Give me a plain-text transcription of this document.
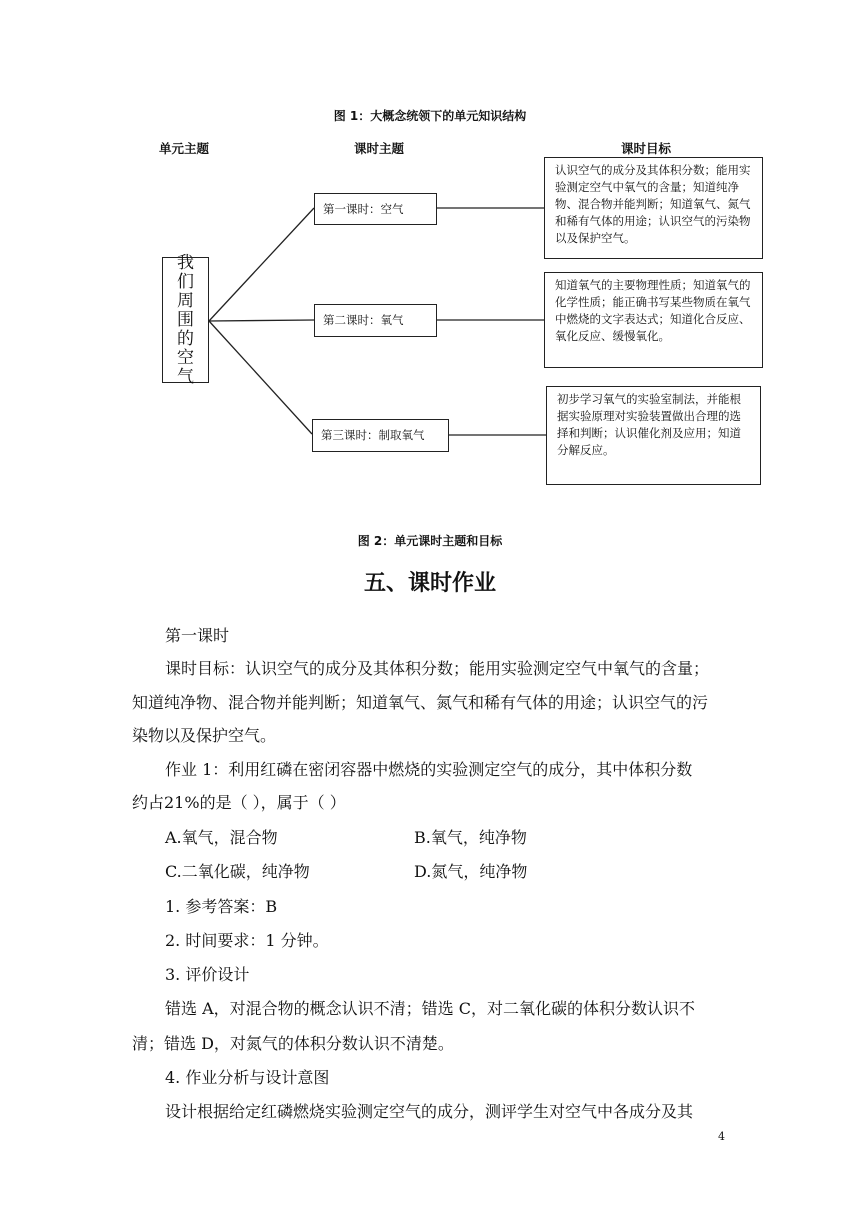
图 1：大概念统领下的单元知识结构
单元主题	课时主题	课时目标
我
们
周
围
的
空
气
第一课时：空气
第二课时：氧气
第三课时：制取氧气
认识空气的成分及其体积分数；能用实验测定空气中氧气的含量；知道纯净物、混合物并能判断；知道氧气、氮气和稀有气体的用途；认识空气的污染物以及保护空气。
知道氧气的主要物理性质；知道氧气的化学性质；能正确书写某些物质在氧气中燃烧的文字表达式；知道化合反应、氧化反应、缓慢氧化。
初步学习氧气的实验室制法，并能根据实验原理对实验装置做出合理的选择和判断；认识催化剂及应用；知道分解反应。
图 2：单元课时主题和目标
五、课时作业
第一课时
课时目标：认识空气的成分及其体积分数；能用实验测定空气中氧气的含量；
知道纯净物、混合物并能判断；知道氧气、氮气和稀有气体的用途；认识空气的污
染物以及保护空气。
作业 1：利用红磷在密闭容器中燃烧的实验测定空气的成分，其中体积分数
约占21%的是（ ），属于（ ）
A.氧气，混合物	B.氧气，纯净物
C.二氧化碳，纯净物	D.氮气，纯净物
1. 参考答案：B
2. 时间要求：1 分钟。
3. 评价设计
错选 A，对混合物的概念认识不清；错选 C，对二氧化碳的体积分数认识不
清；错选 D，对氮气的体积分数认识不清楚。
4. 作业分析与设计意图
设计根据给定红磷燃烧实验测定空气的成分，测评学生对空气中各成分及其
4
